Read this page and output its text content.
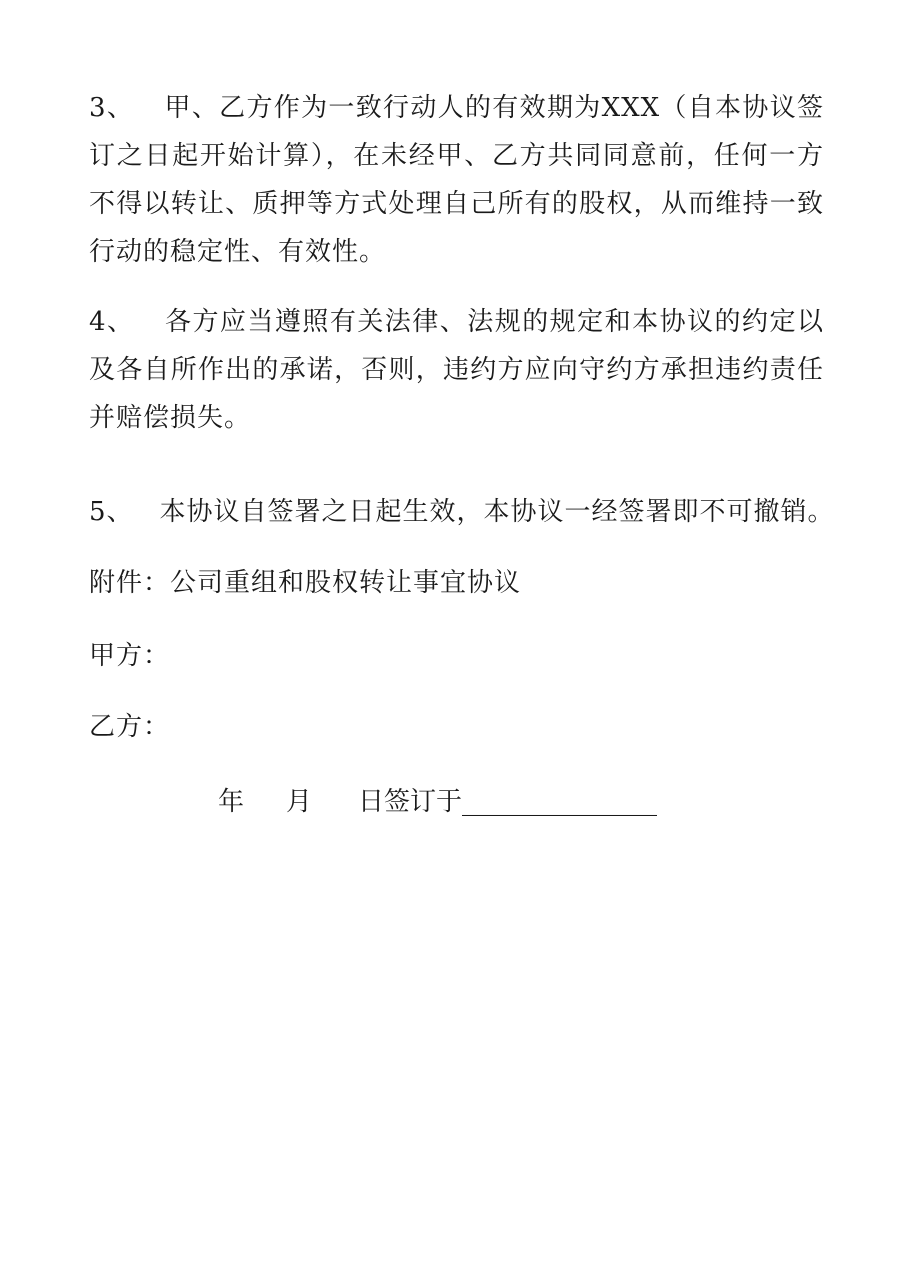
3、 甲、乙方作为一致行动人的有效期为XXX（自本协议签订之日起开始计算），在未经甲、乙方共同同意前，任何一方不得以转让、质押等方式处理自己所有的股权，从而维持一致行动的稳定性、有效性。

4、 各方应当遵照有关法律、法规的规定和本协议的约定以及各自所作出的承诺，否则，违约方应向守约方承担违约责任并赔偿损失。

5、 本协议自签署之日起生效，本协议一经签署即不可撤销。

附件：公司重组和股权转让事宜协议

甲方：

乙方：

年 月 日签订于_______________
